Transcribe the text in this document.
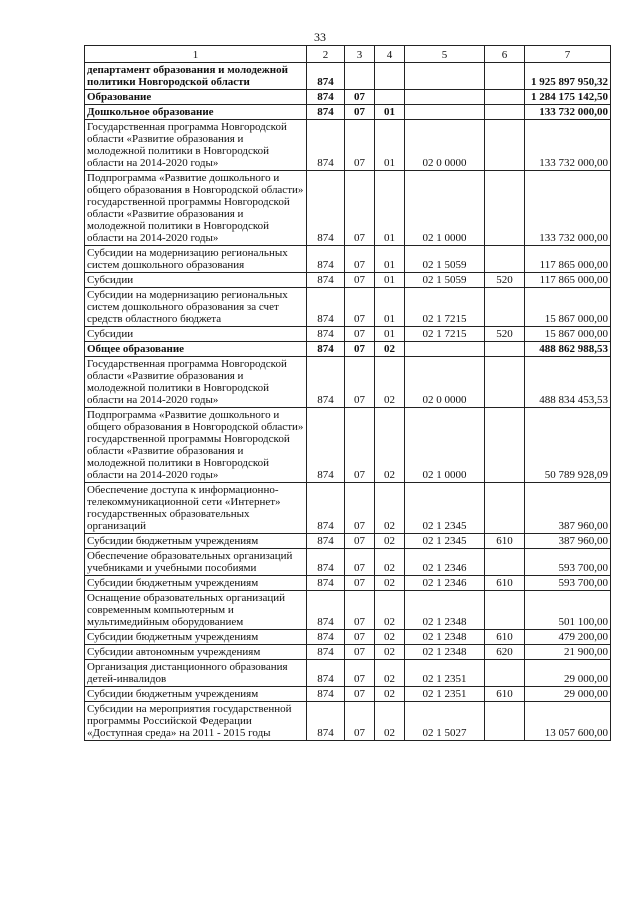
33
1	2	3	4	5	6	7
департамент образования и молодежной политики Новгородской области	874					1 925 897 950,32
Образование	874	07				1 284 175 142,50
Дошкольное образование	874	07	01			133 732 000,00
Государственная программа Новгородской области «Развитие образования и молодежной политики в Новгородской области на 2014-2020 годы»	874	07	01	02 0 0000		133 732 000,00
Подпрограмма «Развитие дошкольного и общего образования в Новгородской области» государственной программы Новгородской области «Развитие образования и молодежной политики в Новгородской области на 2014-2020 годы»	874	07	01	02 1 0000		133 732 000,00
Субсидии на модернизацию региональных систем дошкольного образования	874	07	01	02 1 5059		117 865 000,00
Субсидии	874	07	01	02 1 5059	520	117 865 000,00
Субсидии на модернизацию региональных систем дошкольного образования за счет средств областного бюджета	874	07	01	02 1 7215		15 867 000,00
Субсидии	874	07	01	02 1 7215	520	15 867 000,00
Общее образование	874	07	02			488 862 988,53
Государственная программа Новгородской области «Развитие образования и молодежной политики в Новгородской области на 2014-2020 годы»	874	07	02	02 0 0000		488 834 453,53
Подпрограмма «Развитие дошкольного и общего образования в Новгородской области» государственной программы Новгородской области «Развитие образования и молодежной политики в Новгородской области на 2014-2020 годы»	874	07	02	02 1 0000		50 789 928,09
Обеспечение доступа к информационно-телекоммуникационной сети «Интернет» государственных образовательных организаций	874	07	02	02 1 2345		387 960,00
Субсидии бюджетным учреждениям	874	07	02	02 1 2345	610	387 960,00
Обеспечение образовательных организаций учебниками и учебными пособиями	874	07	02	02 1 2346		593 700,00
Субсидии бюджетным учреждениям	874	07	02	02 1 2346	610	593 700,00
Оснащение образовательных организаций современным компьютерным и мультимедийным оборудованием	874	07	02	02 1 2348		501 100,00
Субсидии бюджетным учреждениям	874	07	02	02 1 2348	610	479 200,00
Субсидии автономным учреждениям	874	07	02	02 1 2348	620	21 900,00
Организация дистанционного образования детей-инвалидов	874	07	02	02 1 2351		29 000,00
Субсидии бюджетным учреждениям	874	07	02	02 1 2351	610	29 000,00
Субсидии на мероприятия государственной программы Российской Федерации «Доступная среда» на 2011 - 2015 годы	874	07	02	02 1 5027		13 057 600,00
